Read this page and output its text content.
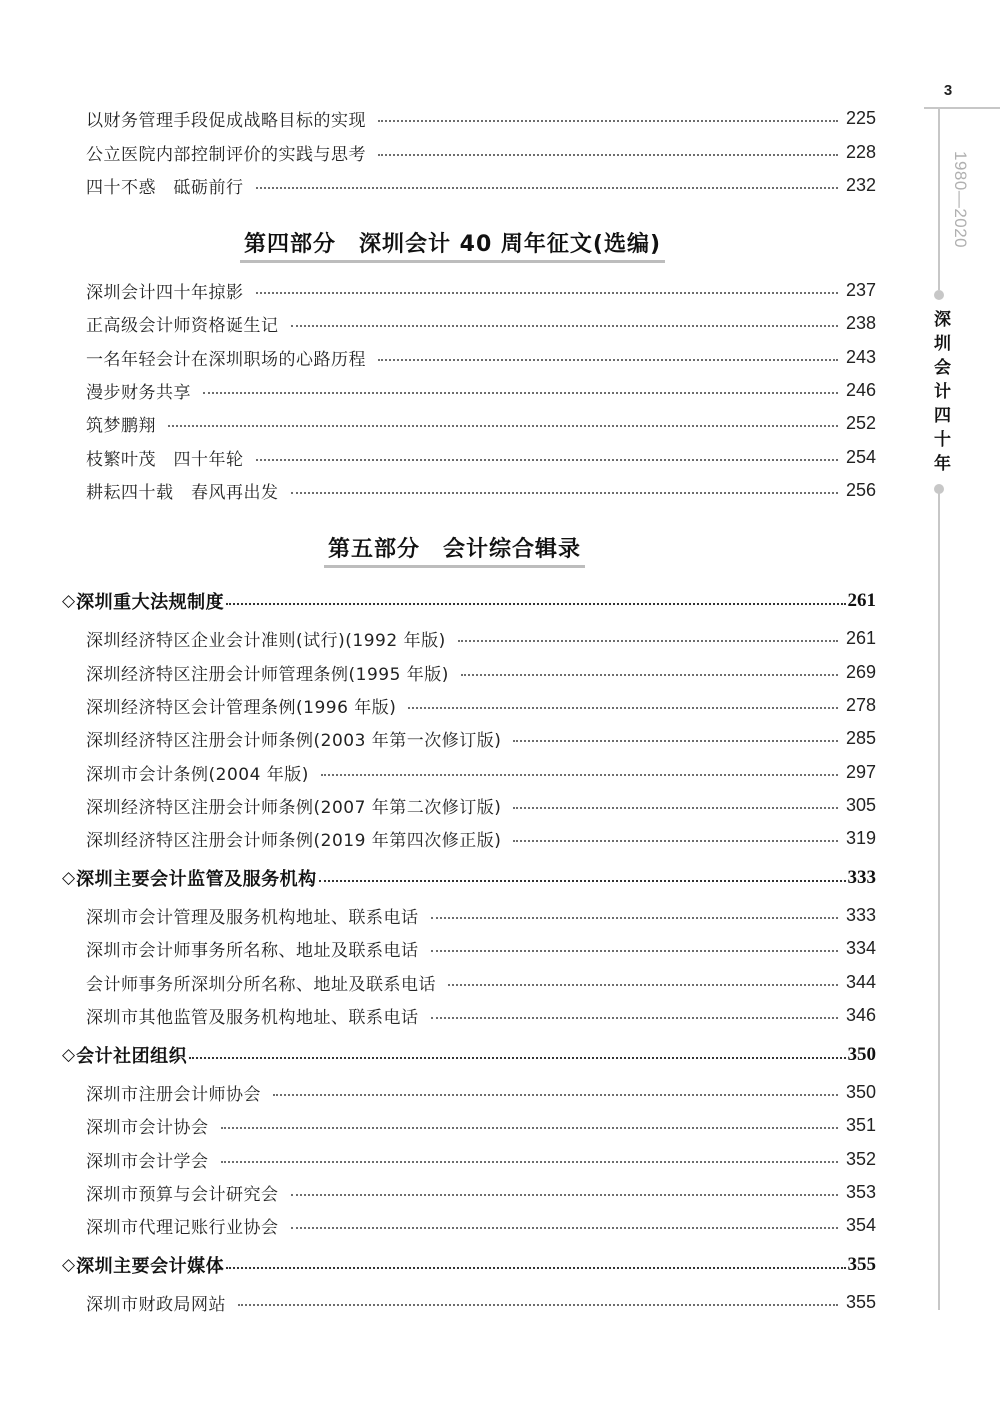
3
1980—2020
深圳会计四十年
以财务管理手段促成战略目标的实现	225
公立医院内部控制评价的实践与思考	228
四十不惑　砥砺前行	232
第四部分　深圳会计 40 周年征文(选编)
深圳会计四十年掠影	237
正高级会计师资格诞生记	238
一名年轻会计在深圳职场的心路历程	243
漫步财务共享	246
筑梦鹏翔	252
枝繁叶茂　四十年轮	254
耕耘四十载　春风再出发	256
第五部分　会计综合辑录
◇ 深圳重大法规制度	261
深圳经济特区企业会计准则(试行)(1992 年版)	261
深圳经济特区注册会计师管理条例(1995 年版)	269
深圳经济特区会计管理条例(1996 年版)	278
深圳经济特区注册会计师条例(2003 年第一次修订版)	285
深圳市会计条例(2004 年版)	297
深圳经济特区注册会计师条例(2007 年第二次修订版)	305
深圳经济特区注册会计师条例(2019 年第四次修正版)	319
◇ 深圳主要会计监管及服务机构	333
深圳市会计管理及服务机构地址、联系电话	333
深圳市会计师事务所名称、地址及联系电话	334
会计师事务所深圳分所名称、地址及联系电话	344
深圳市其他监管及服务机构地址、联系电话	346
◇ 会计社团组织	350
深圳市注册会计师协会	350
深圳市会计协会	351
深圳市会计学会	352
深圳市预算与会计研究会	353
深圳市代理记账行业协会	354
◇ 深圳主要会计媒体	355
深圳市财政局网站	355
